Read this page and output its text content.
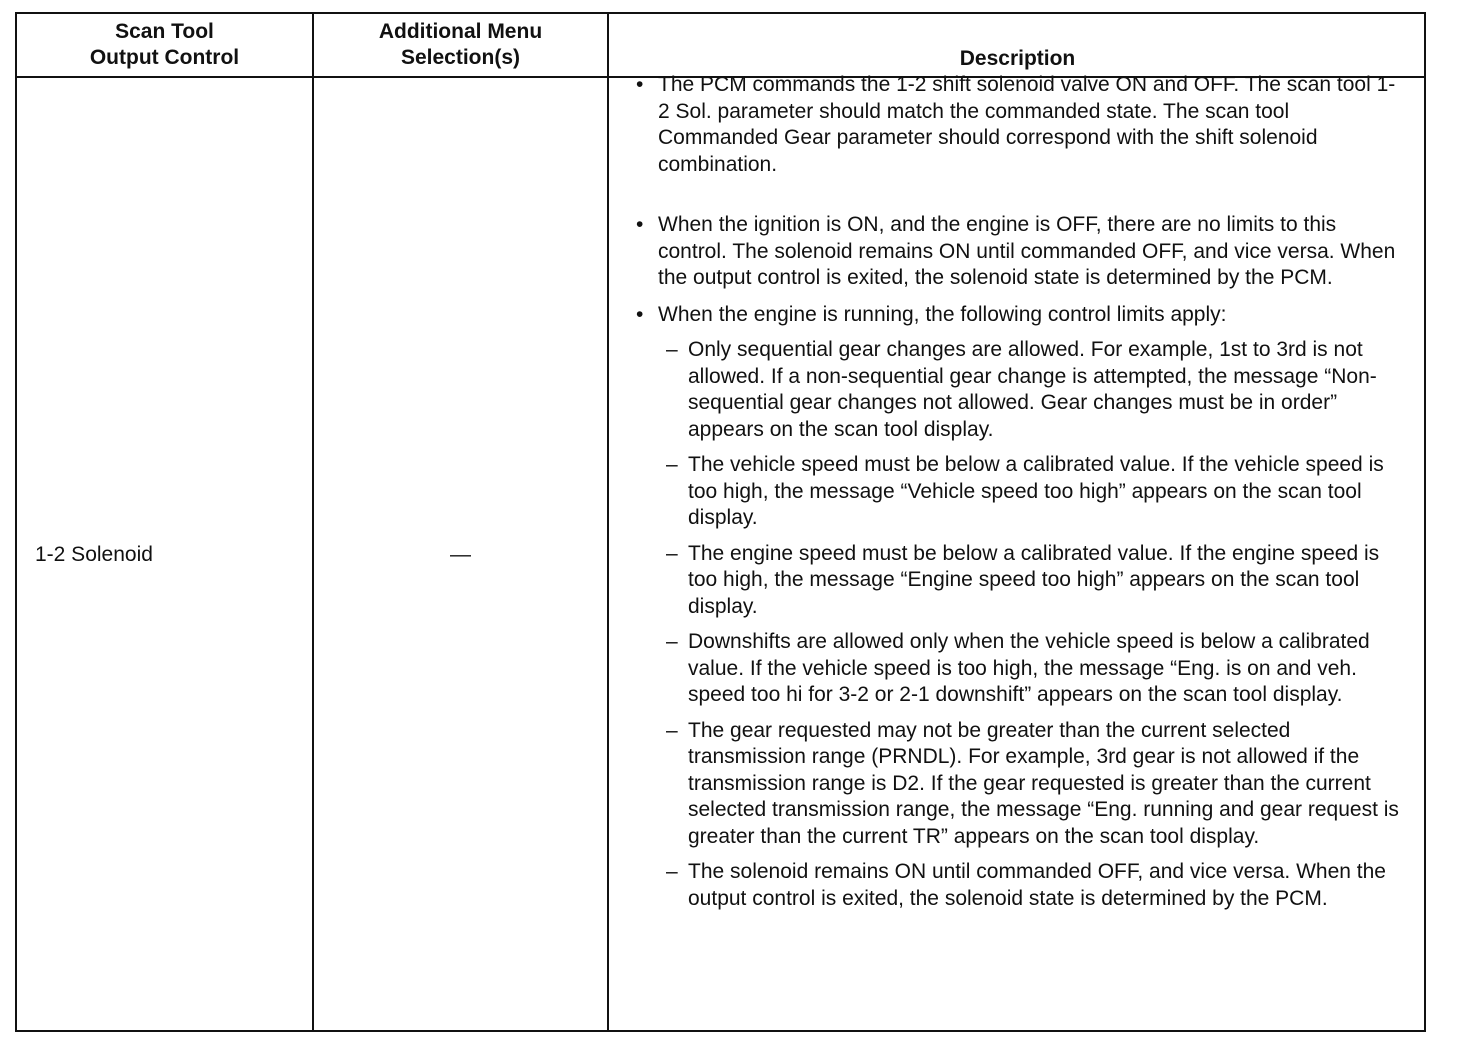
Scan Tool
Output Control
Additional Menu
Selection(s)	Description
1-2 Solenoid	—
• The PCM commands the 1-2 shift solenoid valve ON and OFF. The scan tool 1-2 Sol. parameter should match the commanded state. The scan tool Commanded Gear parameter should correspond with the shift solenoid combination.
• When the ignition is ON, and the engine is OFF, there are no limits to this control. The solenoid remains ON until commanded OFF, and vice versa. When the output control is exited, the solenoid state is determined by the PCM.
• When the engine is running, the following control limits apply:
– Only sequential gear changes are allowed. For example, 1st to 3rd is not allowed. If a non-sequential gear change is attempted, the message “Non-sequential gear changes not allowed. Gear changes must be in order” appears on the scan tool display.
– The vehicle speed must be below a calibrated value. If the vehicle speed is too high, the message “Vehicle speed too high” appears on the scan tool display.
– The engine speed must be below a calibrated value. If the engine speed is too high, the message “Engine speed too high” appears on the scan tool display.
– Downshifts are allowed only when the vehicle speed is below a calibrated value. If the vehicle speed is too high, the message “Eng. is on and veh. speed too hi for 3-2 or 2-1 downshift” appears on the scan tool display.
– The gear requested may not be greater than the current selected transmission range (PRNDL). For example, 3rd gear is not allowed if the transmission range is D2. If the gear requested is greater than the current selected transmission range, the message “Eng. running and gear request is greater than the current TR” appears on the scan tool display.
– The solenoid remains ON until commanded OFF, and vice versa. When the output control is exited, the solenoid state is determined by the PCM.
